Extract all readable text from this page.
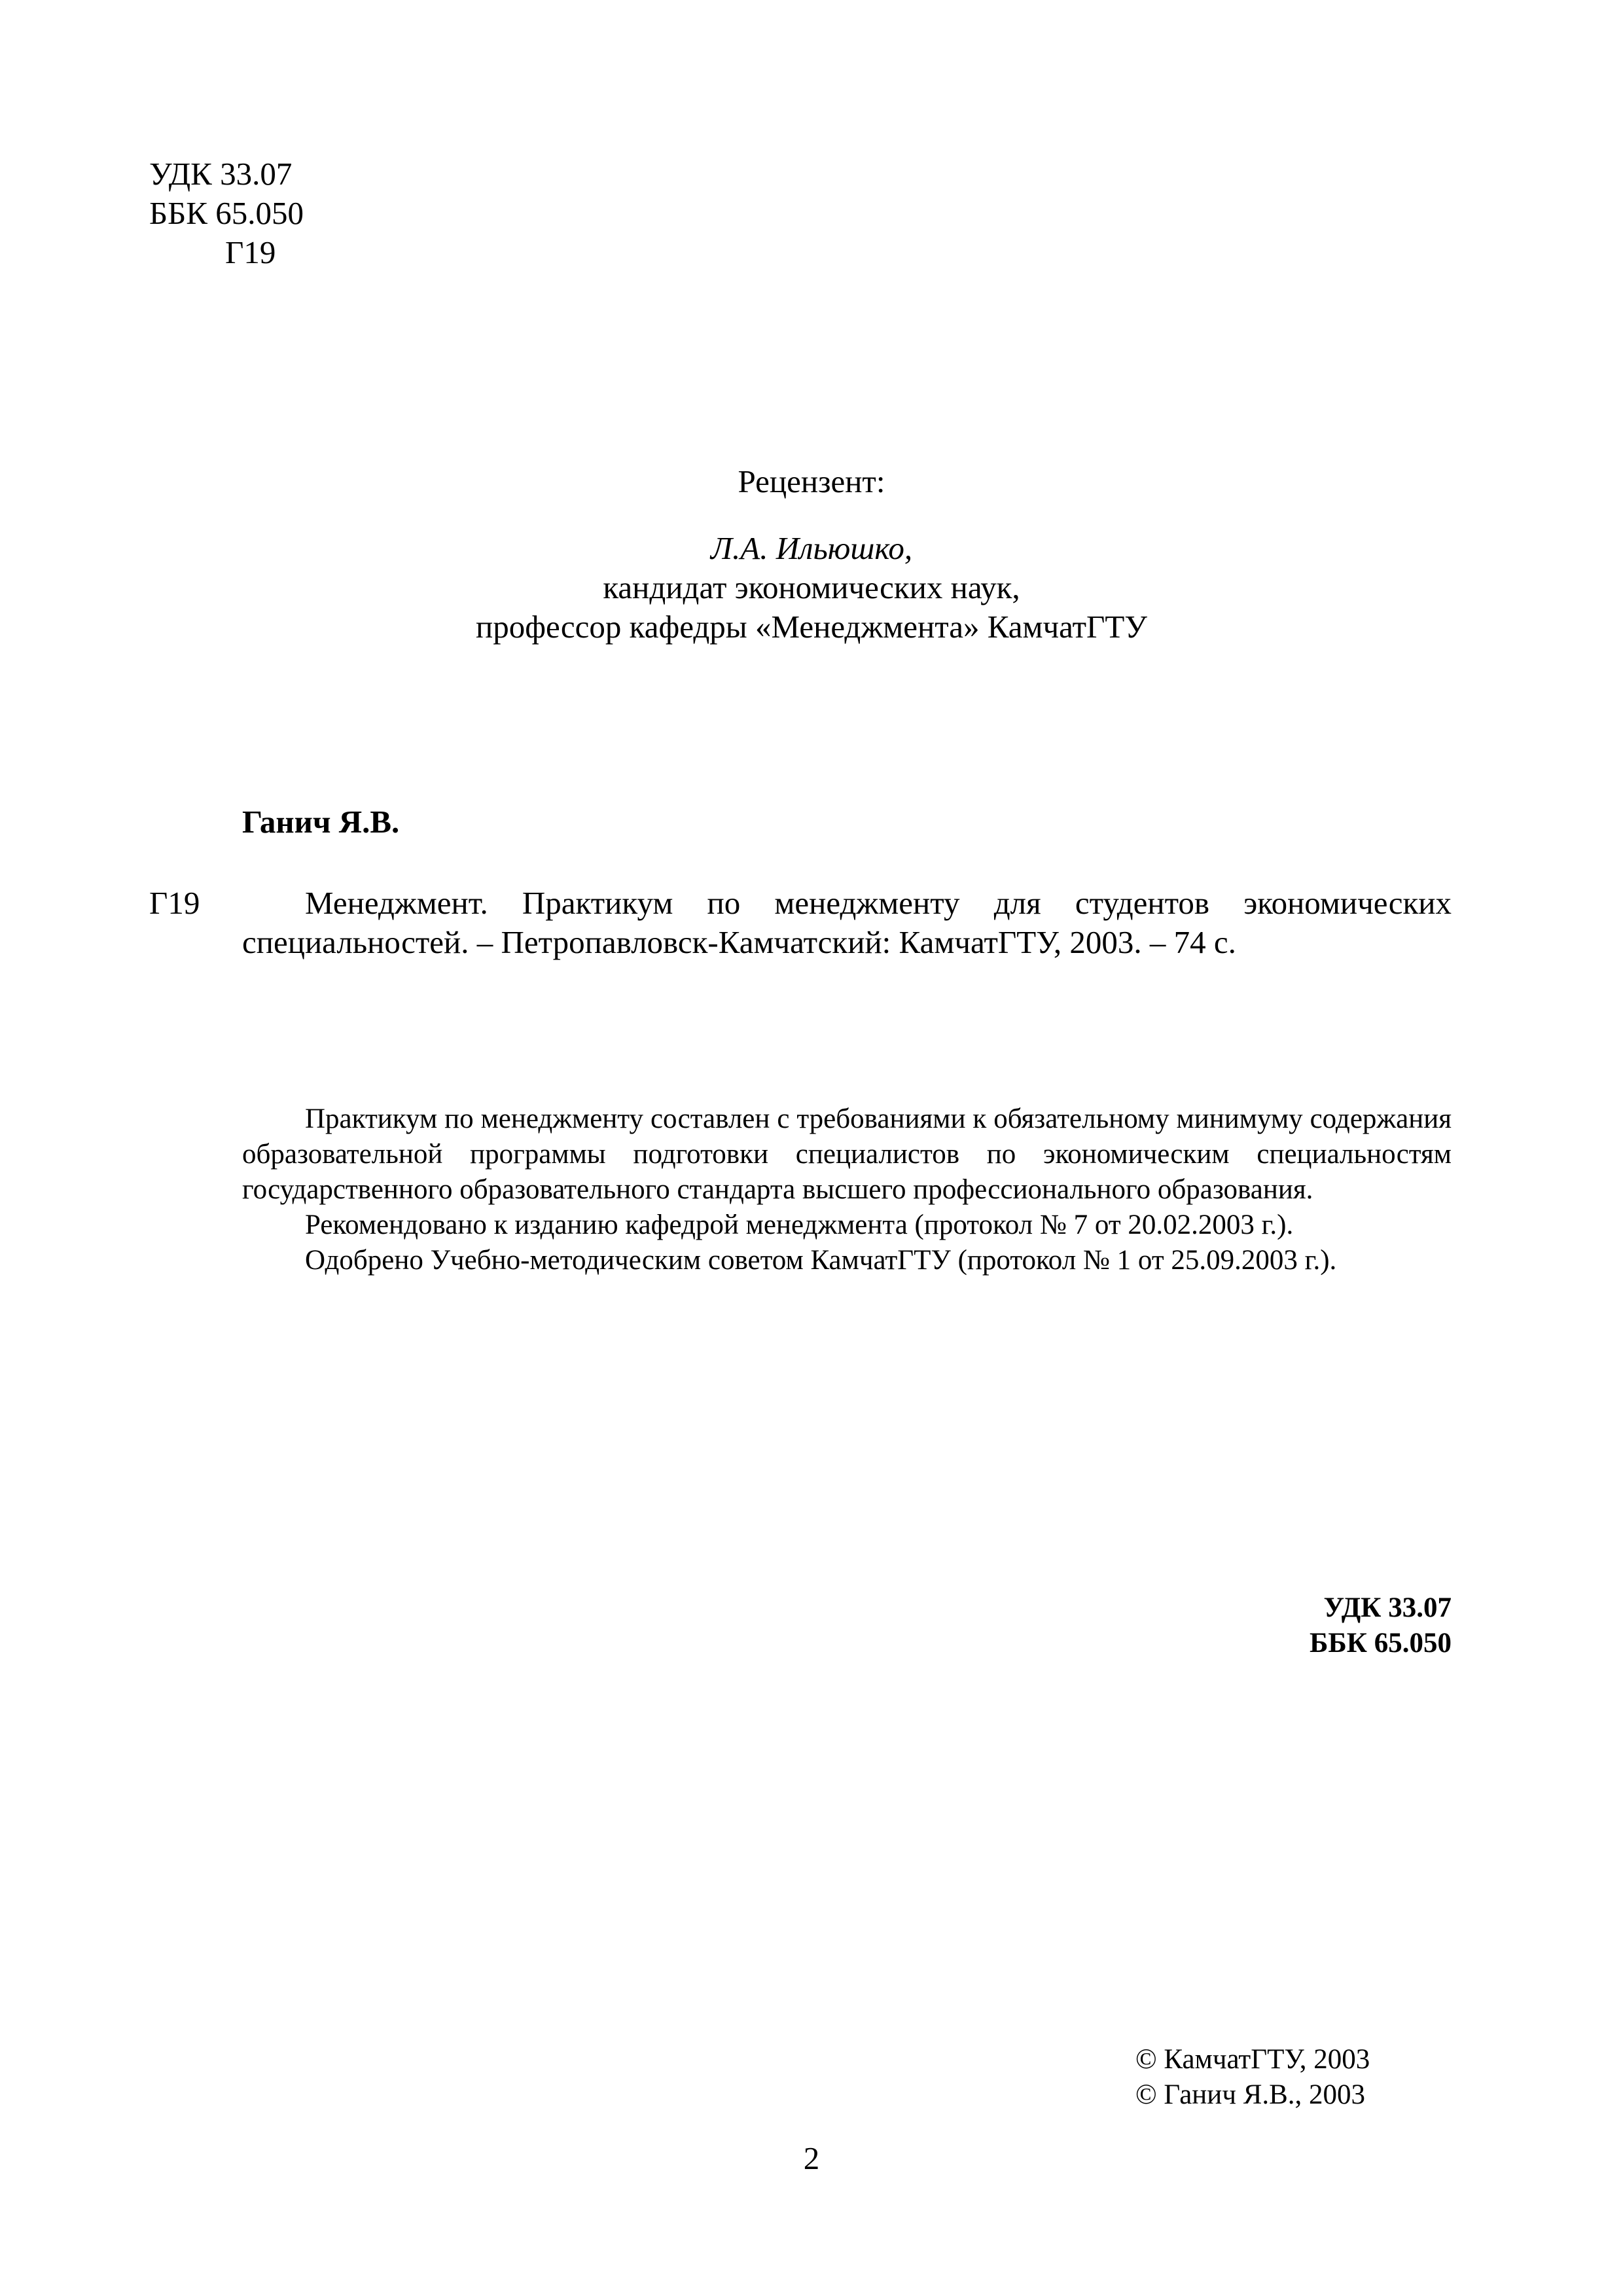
УДК 33.07
ББК 65.050
Г19
Рецензент:
Л.А. Ильюшко,
кандидат экономических наук,
профессор кафедры «Менеджмента» КамчатГТУ
Ганич Я.В.
Г19	Менеджмент. Практикум по менеджменту для студентов экономических специальностей. – Петропавловск-Камчатский: КамчатГТУ, 2003. – 74 с.

Практикум по менеджменту составлен с требованиями к обязательному минимуму содержания образовательной программы подготовки специалистов по экономическим специальностям государственного образовательного стандарта высшего профессионального образования.

Рекомендовано к изданию кафедрой менеджмента (протокол № 7 от 20.02.2003 г.).

Одобрено Учебно-методическим советом КамчатГТУ (протокол № 1 от 25.09.2003 г.).

УДК 33.07
ББК 65.050
© КамчатГТУ, 2003
© Ганич Я.В., 2003
2
